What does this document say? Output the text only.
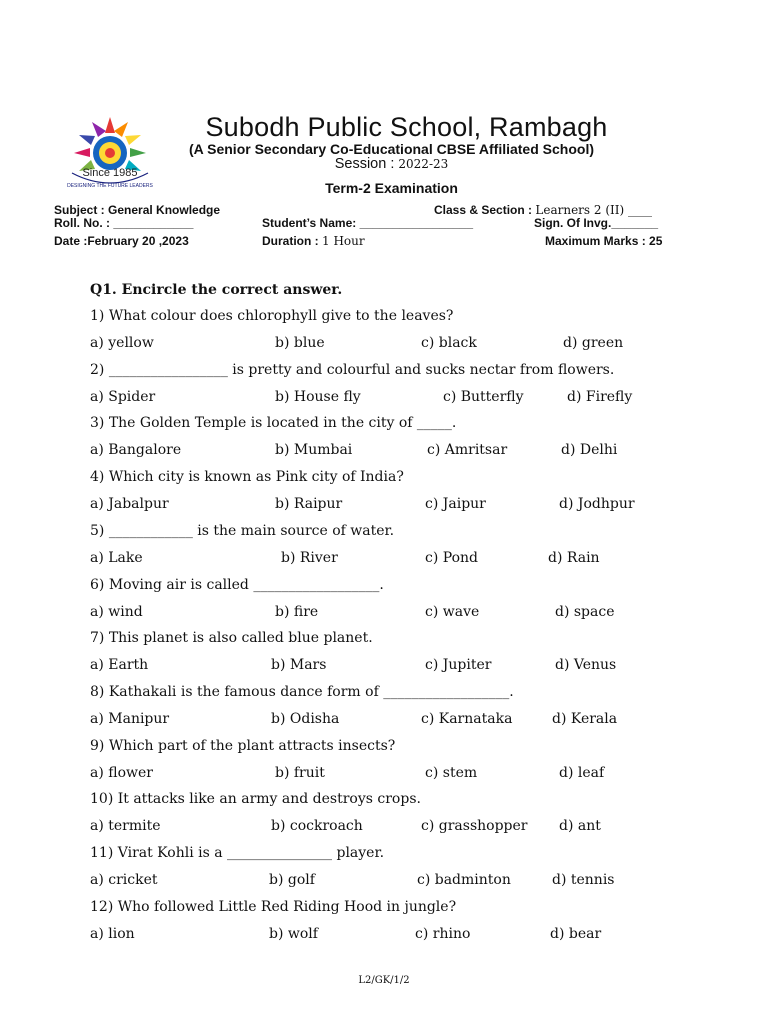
Since 1985
DESIGNING THE FUTURE LEADERS
Subodh Public School, Rambagh
(A Senior Secondary Co-Educational CBSE Affiliated School)
Session : 2022-23
Term-2 Examination
Subject : General Knowledge	Class & Section : Learners 2 (II) ____
Roll. No. : ____________	Student’s Name: _________________	Sign. Of Invg._______
Date :February 20 ,2023	Duration : 1 Hour	Maximum Marks : 25
Q1. Encircle the correct answer.
1) What colour does chlorophyll give to the leaves?
a) yellow	b) blue	c) black	d) green
2) _________________ is pretty and colourful and sucks nectar from flowers.
a) Spider	b) House fly	c) Butterfly	d) Firefly
3) The Golden Temple is located in the city of _____.
a) Bangalore	b) Mumbai	c) Amritsar	d) Delhi
4) Which city is known as Pink city of India?
a) Jabalpur	b) Raipur	c) Jaipur	d) Jodhpur
5) ____________ is the main source of water.
a) Lake	b) River	c) Pond	d) Rain
6) Moving air is called __________________.
a) wind	b) fire	c) wave	d) space
7) This planet is also called blue planet.
a) Earth	b) Mars	c) Jupiter	d) Venus
8) Kathakali is the famous dance form of __________________.
a) Manipur	b) Odisha	c) Karnataka	d) Kerala
9) Which part of the plant attracts insects?
a) flower	b) fruit	c) stem	d) leaf
10) It attacks like an army and destroys crops.
a) termite	b) cockroach	c) grasshopper d) ant
11) Virat Kohli is a _______________ player.
a) cricket	b) golf	c) badminton	d) tennis
12) Who followed Little Red Riding Hood in jungle?
a) lion	b) wolf	c) rhino	d) bear
L2/GK/1/2
